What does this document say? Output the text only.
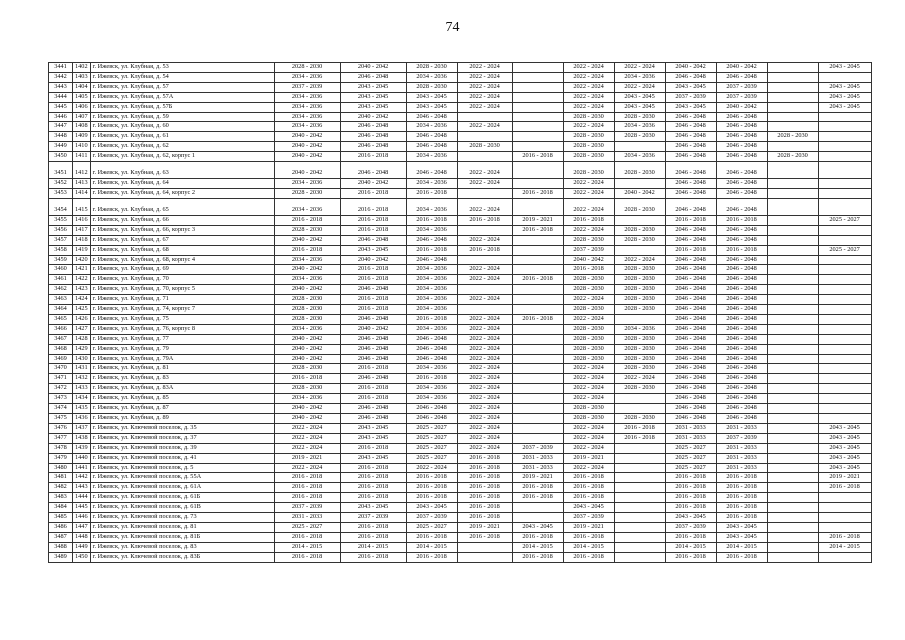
74
3441	1402	г. Ижевск, ул. Клубная, д. 53	2028 - 2030	2040 - 2042	2028 - 2030	2022 - 2024		2022 - 2024	2022 - 2024	2040 - 2042	2040 - 2042		2043 - 2045
3442	1403	г. Ижевск, ул. Клубная, д. 54	2034 - 2036	2046 - 2048	2034 - 2036	2022 - 2024		2022 - 2024	2034 - 2036	2046 - 2048	2046 - 2048		
3443	1404	г. Ижевск, ул. Клубная, д. 57	2037 - 2039	2043 - 2045	2028 - 2030	2022 - 2024		2022 - 2024	2022 - 2024	2043 - 2045	2037 - 2039		2043 - 2045
3444	1405	г. Ижевск, ул. Клубная, д. 57А	2034 - 2036	2043 - 2045	2043 - 2045	2022 - 2024		2022 - 2024	2043 - 2045	2037 - 2039	2037 - 2039		2043 - 2045
3445	1406	г. Ижевск, ул. Клубная, д. 57Б	2034 - 2036	2043 - 2045	2043 - 2045	2022 - 2024		2022 - 2024	2043 - 2045	2043 - 2045	2040 - 2042		2043 - 2045
3446	1407	г. Ижевск, ул. Клубная, д. 59	2034 - 2036	2040 - 2042	2046 - 2048			2028 - 2030	2028 - 2030	2046 - 2048	2046 - 2048		
3447	1408	г. Ижевск, ул. Клубная, д. 60	2034 - 2036	2046 - 2048	2034 - 2036	2022 - 2024		2022 - 2024	2034 - 2036	2046 - 2048	2046 - 2048		
3448	1409	г. Ижевск, ул. Клубная, д. 61	2040 - 2042	2046 - 2048	2046 - 2048			2028 - 2030	2028 - 2030	2046 - 2048	2046 - 2048	2028 - 2030	
3449	1410	г. Ижевск, ул. Клубная, д. 62	2040 - 2042	2046 - 2048	2046 - 2048	2028 - 2030		2028 - 2030		2046 - 2048	2046 - 2048		
3450	1411	г. Ижевск, ул. Клубная, д. 62, корпус 1	2040 - 2042	2016 - 2018	2034 - 2036		2016 - 2018	2028 - 2030	2034 - 2036	2046 - 2048	2046 - 2048	2028 - 2030	
3451	1412	г. Ижевск, ул. Клубная, д. 63	2040 - 2042	2046 - 2048	2046 - 2048	2022 - 2024		2028 - 2030	2028 - 2030	2046 - 2048	2046 - 2048		
3452	1413	г. Ижевск, ул. Клубная, д. 64	2034 - 2036	2040 - 2042	2034 - 2036	2022 - 2024		2022 - 2024		2046 - 2048	2046 - 2048		
3453	1414	г. Ижевск, ул. Клубная, д. 64, корпус 2	2028 - 2030	2016 - 2018	2016 - 2018		2016 - 2018	2022 - 2024	2040 - 2042	2046 - 2048	2046 - 2048		
3454	1415	г. Ижевск, ул. Клубная, д. 65	2034 - 2036	2016 - 2018	2034 - 2036	2022 - 2024		2022 - 2024	2028 - 2030	2046 - 2048	2046 - 2048		
3455	1416	г. Ижевск, ул. Клубная, д. 66	2016 - 2018	2016 - 2018	2016 - 2018	2016 - 2018	2019 - 2021	2016 - 2018		2016 - 2018	2016 - 2018		2025 - 2027
3456	1417	г. Ижевск, ул. Клубная, д. 66, корпус 3	2028 - 2030	2016 - 2018	2034 - 2036		2016 - 2018	2022 - 2024	2028 - 2030	2046 - 2048	2046 - 2048		
3457	1418	г. Ижевск, ул. Клубная, д. 67	2040 - 2042	2046 - 2048	2046 - 2048	2022 - 2024		2028 - 2030	2028 - 2030	2046 - 2048	2046 - 2048		
3458	1419	г. Ижевск, ул. Клубная, д. 68	2016 - 2018	2043 - 2045	2016 - 2018	2016 - 2018		2037 - 2039		2016 - 2018	2016 - 2018		2025 - 2027
3459	1420	г. Ижевск, ул. Клубная, д. 68, корпус 4	2034 - 2036	2040 - 2042	2046 - 2048			2040 - 2042	2022 - 2024	2046 - 2048	2046 - 2048		
3460	1421	г. Ижевск, ул. Клубная, д. 69	2040 - 2042	2016 - 2018	2034 - 2036	2022 - 2024		2016 - 2018	2028 - 2030	2046 - 2048	2046 - 2048		
3461	1422	г. Ижевск, ул. Клубная, д. 70	2034 - 2036	2016 - 2018	2034 - 2036	2022 - 2024	2016 - 2018	2028 - 2030	2028 - 2030	2046 - 2048	2046 - 2048		
3462	1423	г. Ижевск, ул. Клубная, д. 70, корпус 5	2040 - 2042	2046 - 2048	2034 - 2036			2028 - 2030	2028 - 2030	2046 - 2048	2046 - 2048		
3463	1424	г. Ижевск, ул. Клубная, д. 71	2028 - 2030	2016 - 2018	2034 - 2036	2022 - 2024		2022 - 2024	2028 - 2030	2046 - 2048	2046 - 2048		
3464	1425	г. Ижевск, ул. Клубная, д. 74, корпус 7	2028 - 2030	2016 - 2018	2034 - 2036			2028 - 2030	2028 - 2030	2046 - 2048	2046 - 2048		
3465	1426	г. Ижевск, ул. Клубная, д. 75	2028 - 2030	2046 - 2048	2016 - 2018	2022 - 2024	2016 - 2018	2022 - 2024		2046 - 2048	2046 - 2048		
3466	1427	г. Ижевск, ул. Клубная, д. 76, корпус 8	2034 - 2036	2040 - 2042	2034 - 2036	2022 - 2024		2028 - 2030	2034 - 2036	2046 - 2048	2046 - 2048		
3467	1428	г. Ижевск, ул. Клубная, д. 77	2040 - 2042	2046 - 2048	2046 - 2048	2022 - 2024		2028 - 2030	2028 - 2030	2046 - 2048	2046 - 2048		
3468	1429	г. Ижевск, ул. Клубная, д. 79	2040 - 2042	2046 - 2048	2046 - 2048	2022 - 2024		2028 - 2030	2028 - 2030	2046 - 2048	2046 - 2048		
3469	1430	г. Ижевск, ул. Клубная, д. 79А	2040 - 2042	2046 - 2048	2046 - 2048	2022 - 2024		2028 - 2030	2028 - 2030	2046 - 2048	2046 - 2048		
3470	1431	г. Ижевск, ул. Клубная, д. 81	2028 - 2030	2016 - 2018	2034 - 2036	2022 - 2024		2022 - 2024	2028 - 2030	2046 - 2048	2046 - 2048		
3471	1432	г. Ижевск, ул. Клубная, д. 83	2016 - 2018	2046 - 2048	2016 - 2018	2022 - 2024		2022 - 2024	2022 - 2024	2046 - 2048	2046 - 2048		
3472	1433	г. Ижевск, ул. Клубная, д. 83А	2028 - 2030	2016 - 2018	2034 - 2036	2022 - 2024		2022 - 2024	2028 - 2030	2046 - 2048	2046 - 2048		
3473	1434	г. Ижевск, ул. Клубная, д. 85	2034 - 2036	2016 - 2018	2034 - 2036	2022 - 2024		2022 - 2024		2046 - 2048	2046 - 2048		
3474	1435	г. Ижевск, ул. Клубная, д. 87	2040 - 2042	2046 - 2048	2046 - 2048	2022 - 2024		2028 - 2030		2046 - 2048	2046 - 2048		
3475	1436	г. Ижевск, ул. Клубная, д. 89	2040 - 2042	2046 - 2048	2046 - 2048	2022 - 2024		2028 - 2030	2028 - 2030	2046 - 2048	2046 - 2048		
3476	1437	г. Ижевск, ул. Ключевой поселок, д. 35	2022 - 2024	2043 - 2045	2025 - 2027	2022 - 2024		2022 - 2024	2016 - 2018	2031 - 2033	2031 - 2033		2043 - 2045
3477	1438	г. Ижевск, ул. Ключевой поселок, д. 37	2022 - 2024	2043 - 2045	2025 - 2027	2022 - 2024		2022 - 2024	2016 - 2018	2031 - 2033	2037 - 2039		2043 - 2045
3478	1439	г. Ижевск, ул. Ключевой поселок, д. 39	2022 - 2024	2016 - 2018	2025 - 2027	2022 - 2024	2037 - 2039	2022 - 2024		2025 - 2027	2031 - 2033		2043 - 2045
3479	1440	г. Ижевск, ул. Ключевой поселок, д. 41	2019 - 2021	2043 - 2045	2025 - 2027	2016 - 2018	2031 - 2033	2019 - 2021		2025 - 2027	2031 - 2033		2043 - 2045
3480	1441	г. Ижевск, ул. Ключевой поселок, д. 5	2022 - 2024	2016 - 2018	2022 - 2024	2016 - 2018	2031 - 2033	2022 - 2024		2025 - 2027	2031 - 2033		2043 - 2045
3481	1442	г. Ижевск, ул. Ключевой поселок, д. 55А	2016 - 2018	2016 - 2018	2016 - 2018	2016 - 2018	2019 - 2021	2016 - 2018		2016 - 2018	2016 - 2018		2019 - 2021
3482	1443	г. Ижевск, ул. Ключевой поселок, д. 61А	2016 - 2018	2016 - 2018	2016 - 2018	2016 - 2018	2016 - 2018	2016 - 2018		2016 - 2018	2016 - 2018		2016 - 2018
3483	1444	г. Ижевск, ул. Ключевой поселок, д. 61Б	2016 - 2018	2016 - 2018	2016 - 2018	2016 - 2018	2016 - 2018	2016 - 2018		2016 - 2018	2016 - 2018		
3484	1445	г. Ижевск, ул. Ключевой поселок, д. 61В	2037 - 2039	2043 - 2045	2043 - 2045	2016 - 2018		2043 - 2045		2016 - 2018	2016 - 2018		
3485	1446	г. Ижевск, ул. Ключевой поселок, д. 73	2031 - 2033	2037 - 2039	2037 - 2039	2016 - 2018		2037 - 2039		2043 - 2045	2016 - 2018		
3486	1447	г. Ижевск, ул. Ключевой поселок, д. 81	2025 - 2027	2016 - 2018	2025 - 2027	2019 - 2021	2043 - 2045	2019 - 2021		2037 - 2039	2043 - 2045		
3487	1448	г. Ижевск, ул. Ключевой поселок, д. 81Б	2016 - 2018	2016 - 2018	2016 - 2018	2016 - 2018	2016 - 2018	2016 - 2018		2016 - 2018	2043 - 2045		2016 - 2018
3488	1449	г. Ижевск, ул. Ключевой поселок, д. 83	2014 - 2015	2014 - 2015	2014 - 2015		2014 - 2015	2014 - 2015		2014 - 2015	2014 - 2015		2014 - 2015
3489	1450	г. Ижевск, ул. Ключевой поселок, д. 83Б	2016 - 2018	2016 - 2018	2016 - 2018		2016 - 2018	2016 - 2018		2016 - 2018	2016 - 2018		
